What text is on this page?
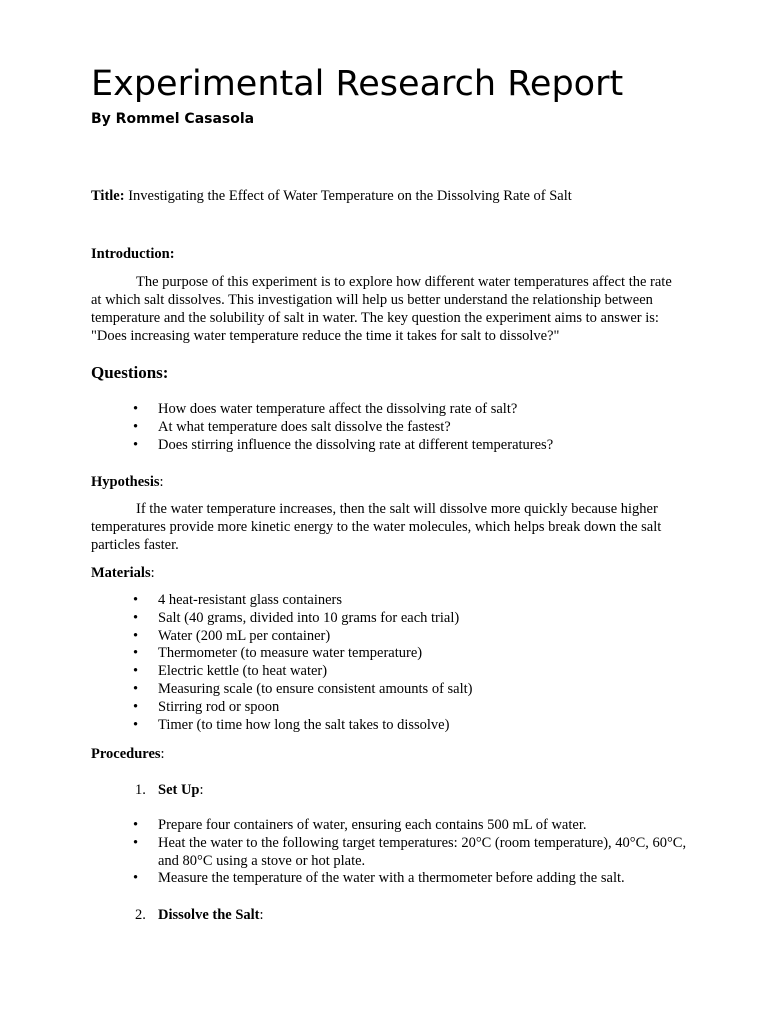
Experimental Research Report
By Rommel Casasola
Title: Investigating the Effect of Water Temperature on the Dissolving Rate of Salt
Introduction:

The purpose of this experiment is to explore how different water temperatures affect the rate at which salt dissolves. This investigation will help us better understand the relationship between temperature and the solubility of salt in water. The key question the experiment aims to answer is: "Does increasing water temperature reduce the time it takes for salt to dissolve?"

Questions:
• How does water temperature affect the dissolving rate of salt?
• At what temperature does salt dissolve the fastest?
• Does stirring influence the dissolving rate at different temperatures?
Hypothesis:

If the water temperature increases, then the salt will dissolve more quickly because higher temperatures provide more kinetic energy to the water molecules, which helps break down the salt particles faster.

Materials:
• 4 heat-resistant glass containers
• Salt (40 grams, divided into 10 grams for each trial)
• Water (200 mL per container)
• Thermometer (to measure water temperature)
• Electric kettle (to heat water)
• Measuring scale (to ensure consistent amounts of salt)
• Stirring rod or spoon
• Timer (to time how long the salt takes to dissolve)
Procedures:
1. Set Up:
• Prepare four containers of water, ensuring each contains 500 mL of water.
• Heat the water to the following target temperatures: 20°C (room temperature), 40°C, 60°C, and 80°C using a stove or hot plate.
• Measure the temperature of the water with a thermometer before adding the salt.
2. Dissolve the Salt:
